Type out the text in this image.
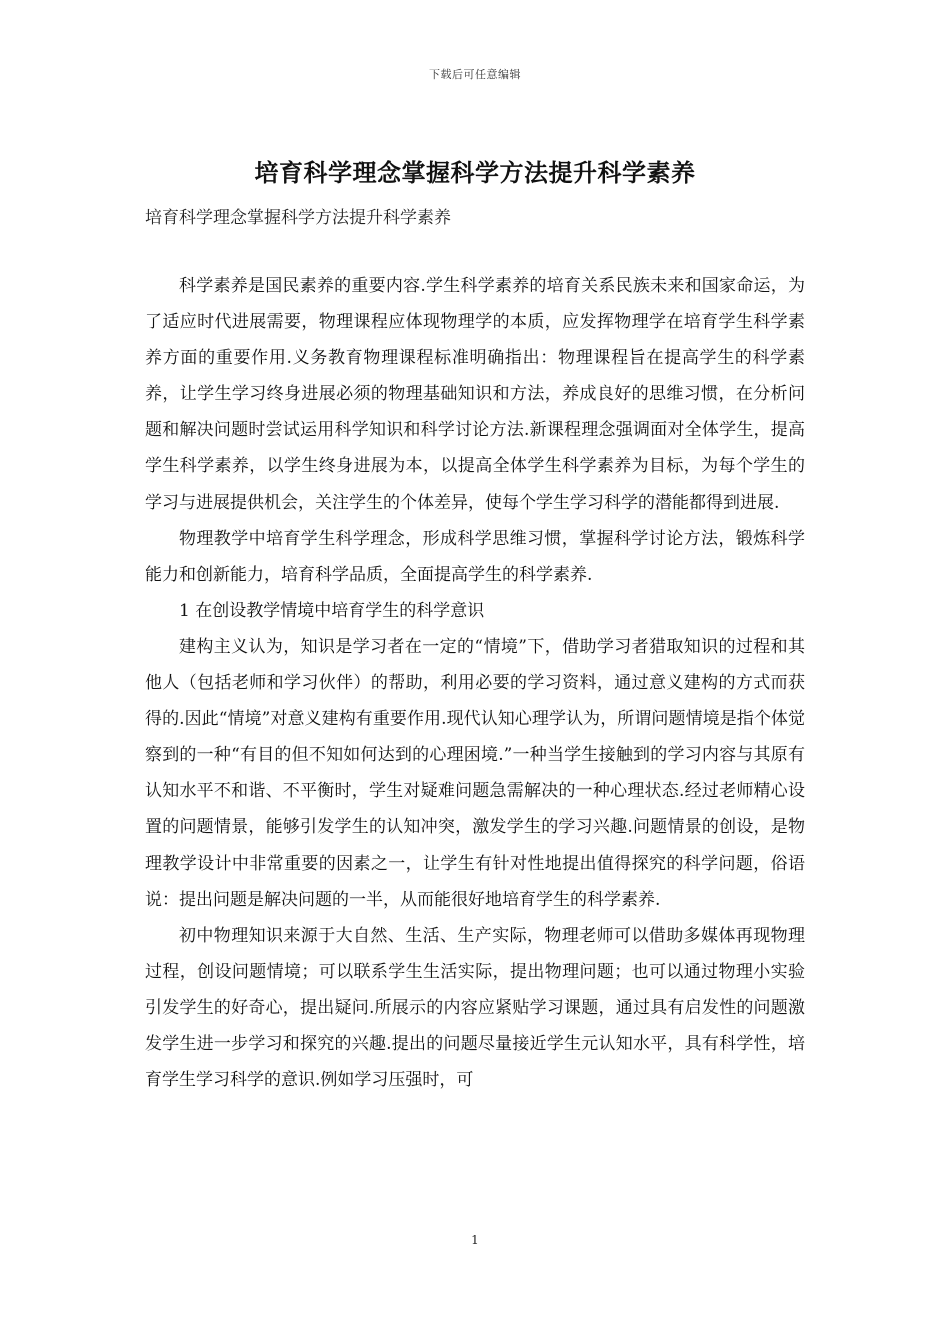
下载后可任意编辑
培育科学理念掌握科学方法提升科学素养
培育科学理念掌握科学方法提升科学素养

科学素养是国民素养的重要内容.学生科学素养的培育关系民族未来和国家命运，为了适应时代进展需要，物理课程应体现物理学的本质，应发挥物理学在培育学生科学素养方面的重要作用.义务教育物理课程标准明确指出：物理课程旨在提高学生的科学素养，让学生学习终身进展必须的物理基础知识和方法，养成良好的思维习惯，在分析问题和解决问题时尝试运用科学知识和科学讨论方法.新课程理念强调面对全体学生，提高学生科学素养，以学生终身进展为本，以提高全体学生科学素养为目标，为每个学生的学习与进展提供机会，关注学生的个体差异，使每个学生学习科学的潜能都得到进展.

物理教学中培育学生科学理念，形成科学思维习惯，掌握科学讨论方法，锻炼科学能力和创新能力，培育科学品质，全面提高学生的科学素养.

1 在创设教学情境中培育学生的科学意识

建构主义认为，知识是学习者在一定的“情境”下，借助学习者猎取知识的过程和其他人（包括老师和学习伙伴）的帮助，利用必要的学习资料，通过意义建构的方式而获得的.因此“情境”对意义建构有重要作用.现代认知心理学认为，所谓问题情境是指个体觉察到的一种“有目的但不知如何达到的心理困境.”一种当学生接触到的学习内容与其原有认知水平不和谐、不平衡时，学生对疑难问题急需解决的一种心理状态.经过老师精心设置的问题情景，能够引发学生的认知冲突，激发学生的学习兴趣.问题情景的创设，是物理教学设计中非常重要的因素之一，让学生有针对性地提出值得探究的科学问题，俗语说：提出问题是解决问题的一半，从而能很好地培育学生的科学素养.

初中物理知识来源于大自然、生活、生产实际，物理老师可以借助多媒体再现物理过程，创设问题情境；可以联系学生生活实际，提出物理问题；也可以通过物理小实验引发学生的好奇心，提出疑问.所展示的内容应紧贴学习课题，通过具有启发性的问题激发学生进一步学习和探究的兴趣.提出的问题尽量接近学生元认知水平，具有科学性，培育学生学习科学的意识.例如学习压强时，可

1
